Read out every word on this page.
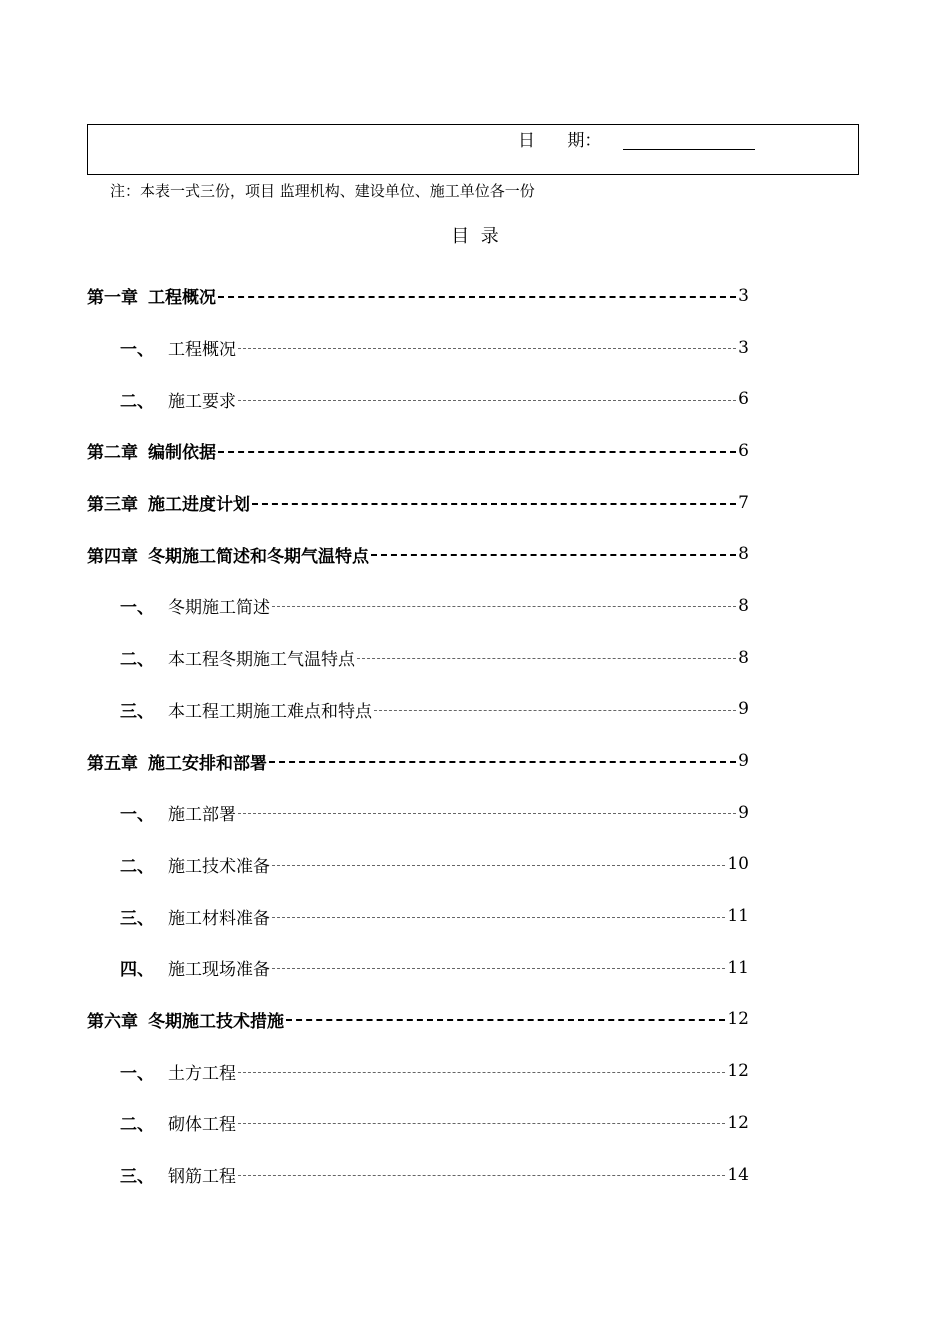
日      期：
注：本表一式三份，项目 监理机构、建设单位、施工单位各一份
目  录
第一章 工程概况	3
一、 工程概况	3
二、 施工要求	6
第二章 编制依据	6
第三章 施工进度计划	7
第四章 冬期施工简述和冬期气温特点	8
一、 冬期施工简述	8
二、 本工程冬期施工气温特点	8
三、 本工程工期施工难点和特点	9
第五章 施工安排和部署	9
一、 施工部署	9
二、 施工技术准备	10
三、 施工材料准备	11
四、 施工现场准备	11
第六章 冬期施工技术措施	12
一、 土方工程	12
二、 砌体工程	12
三、 钢筋工程	14
